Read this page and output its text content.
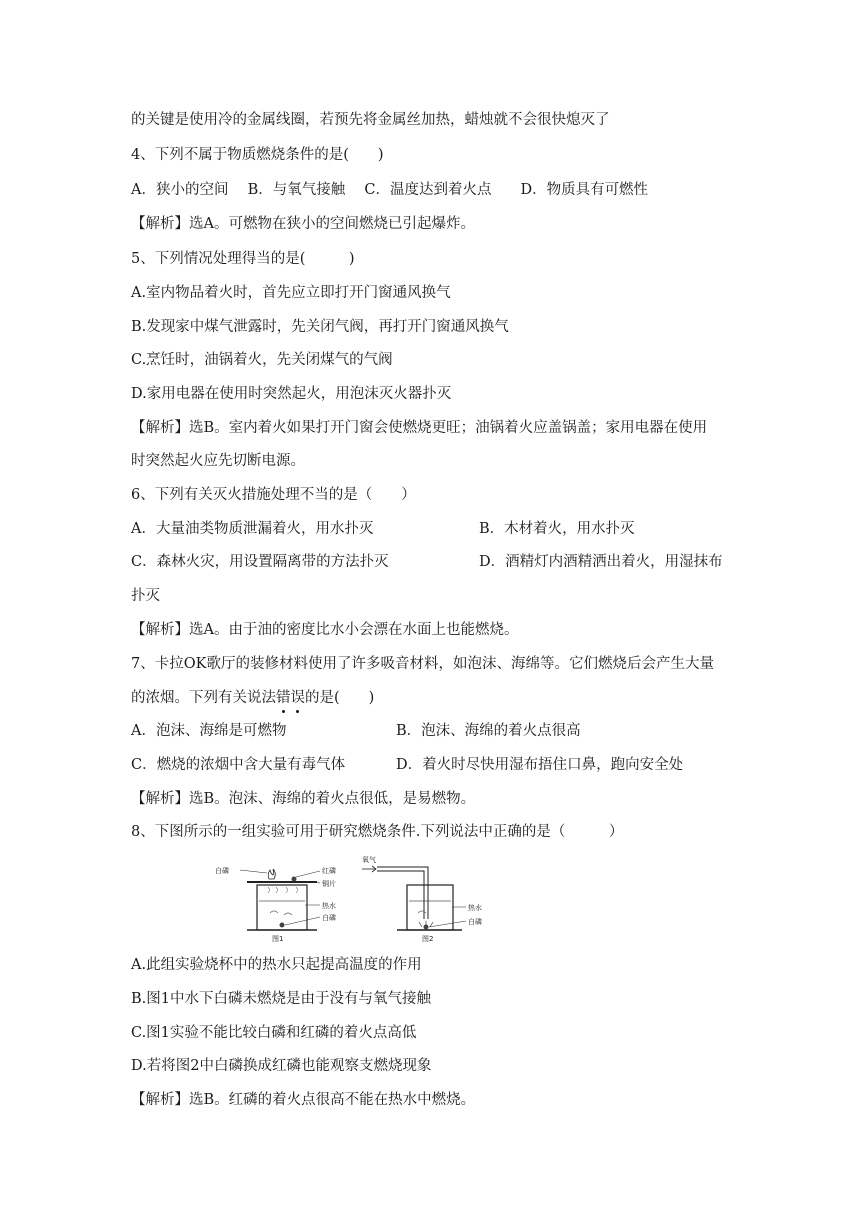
的关键是使用冷的金属线圈，若预先将金属丝加热，蜡烛就不会很快熄灭了
4、下列不属于物质燃烧条件的是(　　)
A．狭小的空间　 B．与氧气接触　 C．温度达到着火点　　D．物质具有可燃性
【解析】选A。可燃物在狭小的空间燃烧已引起爆炸。
5、下列情况处理得当的是(　　　)
A.室内物品着火时，首先应立即打开门窗通风换气
B.发现家中煤气泄露时，先关闭气阀，再打开门窗通风换气
C.烹饪时，油锅着火，先关闭煤气的气阀
D.家用电器在使用时突然起火，用泡沫灭火器扑灭
【解析】选B。室内着火如果打开门窗会使燃烧更旺；油锅着火应盖锅盖；家用电器在使用
时突然起火应先切断电源。
6、下列有关灭火措施处理不当的是（　　）
A．大量油类物质泄漏着火，用水扑灭	B．木材着火，用水扑灭
C．森林火灾，用设置隔离带的方法扑灭	D．酒精灯内酒精洒出着火，用湿抹布
扑灭
【解析】选A。由于油的密度比水小会漂在水面上也能燃烧。
7、卡拉OK歌厅的装修材料使用了许多吸音材料，如泡沫、海绵等。它们燃烧后会产生大量
的浓烟。下列有关说法错误的是(　　)
A．泡沫、海绵是可燃物	B．泡沫、海绵的着火点很高
C．燃烧的浓烟中含大量有毒气体	D．着火时尽快用湿布捂住口鼻，跑向安全处
【解析】选B。泡沫、海绵的着火点很低，是易燃物。
8、下图所示的一组实验可用于研究燃烧条件.下列说法中正确的是（　　　）
白磷	红磷
铜片
热水
白磷
图1
氧气
热水
白磷
图2
A.此组实验烧杯中的热水只起提高温度的作用
B.图1中水下白磷未燃烧是由于没有与氧气接触
C.图1实验不能比较白磷和红磷的着火点高低
D.若将图2中白磷换成红磷也能观察支燃烧现象
【解析】选B。红磷的着火点很高不能在热水中燃烧。
